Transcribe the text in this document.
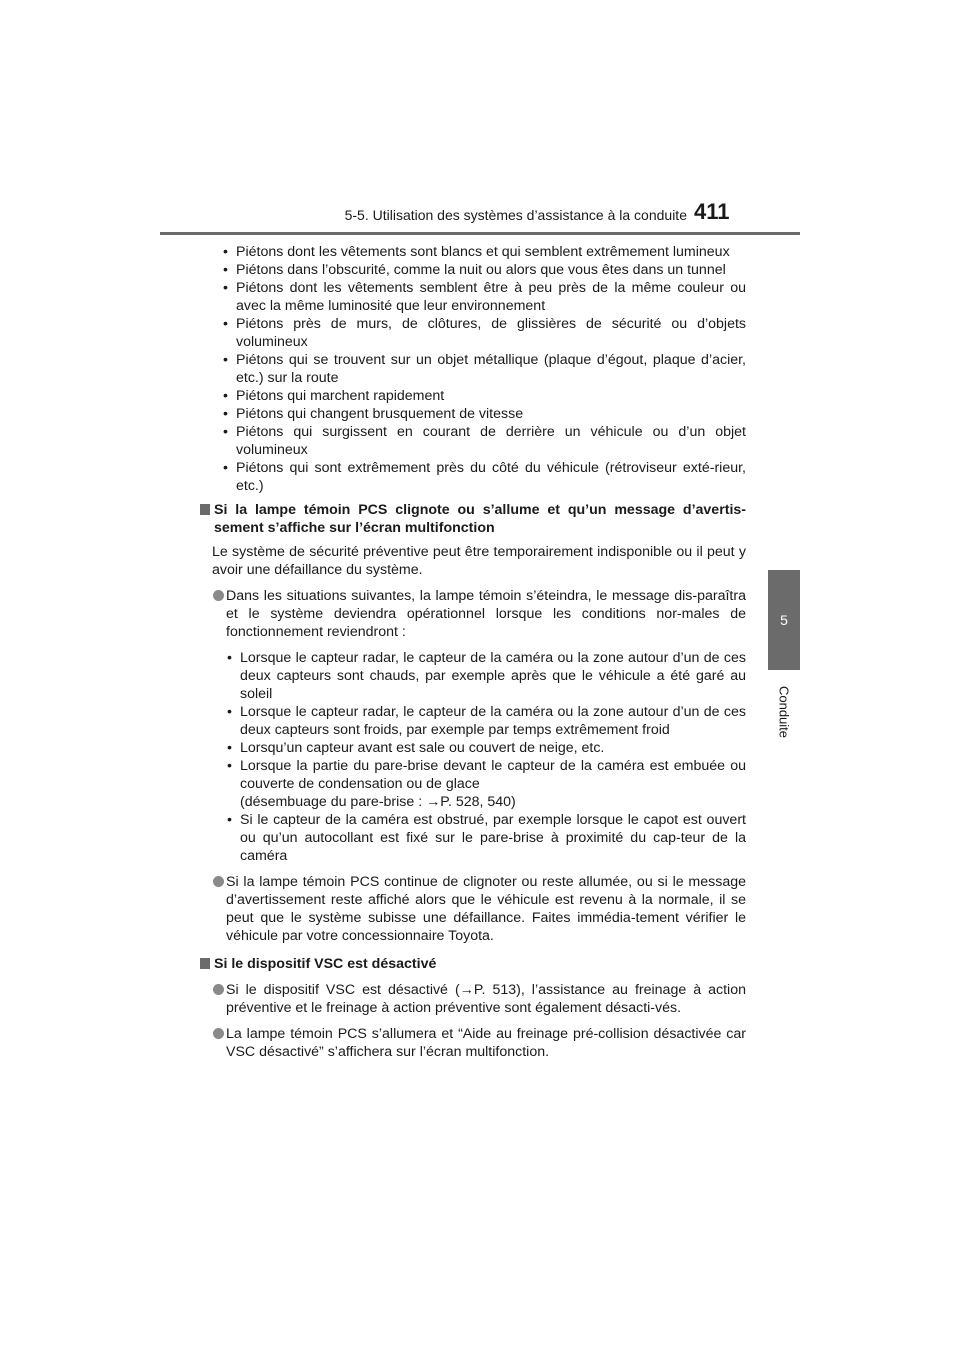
5-5. Utilisation des systèmes d’assistance à la conduite 411
5
Conduite
• Piétons dont les vêtements sont blancs et qui semblent extrêmement lumineux
• Piétons dans l’obscurité, comme la nuit ou alors que vous êtes dans un tunnel
• Piétons dont les vêtements semblent être à peu près de la même couleur ou avec la même luminosité que leur environnement
• Piétons près de murs, de clôtures, de glissières de sécurité ou d’objets volumineux
• Piétons qui se trouvent sur un objet métallique (plaque d’égout, plaque d’acier, etc.) sur la route
• Piétons qui marchent rapidement
• Piétons qui changent brusquement de vitesse
• Piétons qui surgissent en courant de derrière un véhicule ou d’un objet volumineux
• Piétons qui sont extrêmement près du côté du véhicule (rétroviseur exté-rieur, etc.)
Si la lampe témoin PCS clignote ou s’allume et qu’un message d’avertis-sement s’affiche sur l’écran multifonction
Le système de sécurité préventive peut être temporairement indisponible ou il peut y avoir une défaillance du système.
Dans les situations suivantes, la lampe témoin s’éteindra, le message dis-paraîtra et le système deviendra opérationnel lorsque les conditions nor-males de fonctionnement reviendront :
• Lorsque le capteur radar, le capteur de la caméra ou la zone autour d’un de ces deux capteurs sont chauds, par exemple après que le véhicule a été garé au soleil
• Lorsque le capteur radar, le capteur de la caméra ou la zone autour d’un de ces deux capteurs sont froids, par exemple par temps extrêmement froid
• Lorsqu’un capteur avant est sale ou couvert de neige, etc.
• Lorsque la partie du pare-brise devant le capteur de la caméra est embuée ou couverte de condensation ou de glace
(désembuage du pare-brise : →P. 528, 540)
• Si le capteur de la caméra est obstrué, par exemple lorsque le capot est ouvert ou qu’un autocollant est fixé sur le pare-brise à proximité du cap-teur de la caméra
Si la lampe témoin PCS continue de clignoter ou reste allumée, ou si le message d’avertissement reste affiché alors que le véhicule est revenu à la normale, il se peut que le système subisse une défaillance. Faites immédia-tement vérifier le véhicule par votre concessionnaire Toyota.
Si le dispositif VSC est désactivé
Si le dispositif VSC est désactivé (→P. 513), l’assistance au freinage à action préventive et le freinage à action préventive sont également désacti-vés.
La lampe témoin PCS s’allumera et “Aide au freinage pré-collision désactivée car VSC désactivé” s’affichera sur l’écran multifonction.
